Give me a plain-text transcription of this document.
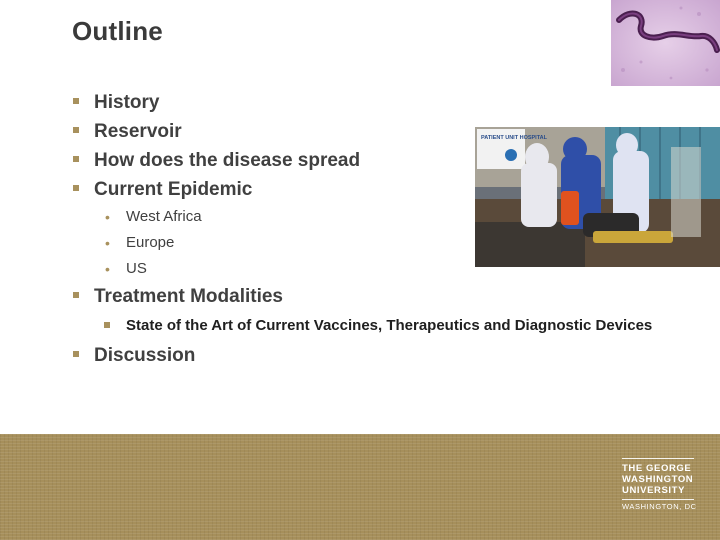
Outline
History
Reservoir
How does the disease spread
Current Epidemic
• West Africa
• Europe
• US
Treatment Modalities
State of the Art of Current Vaccines, Therapeutics and Diagnostic Devices
Discussion
PATIENT UNIT HOSPITAL
THE GEORGE
WASHINGTON
UNIVERSITY
WASHINGTON, DC
